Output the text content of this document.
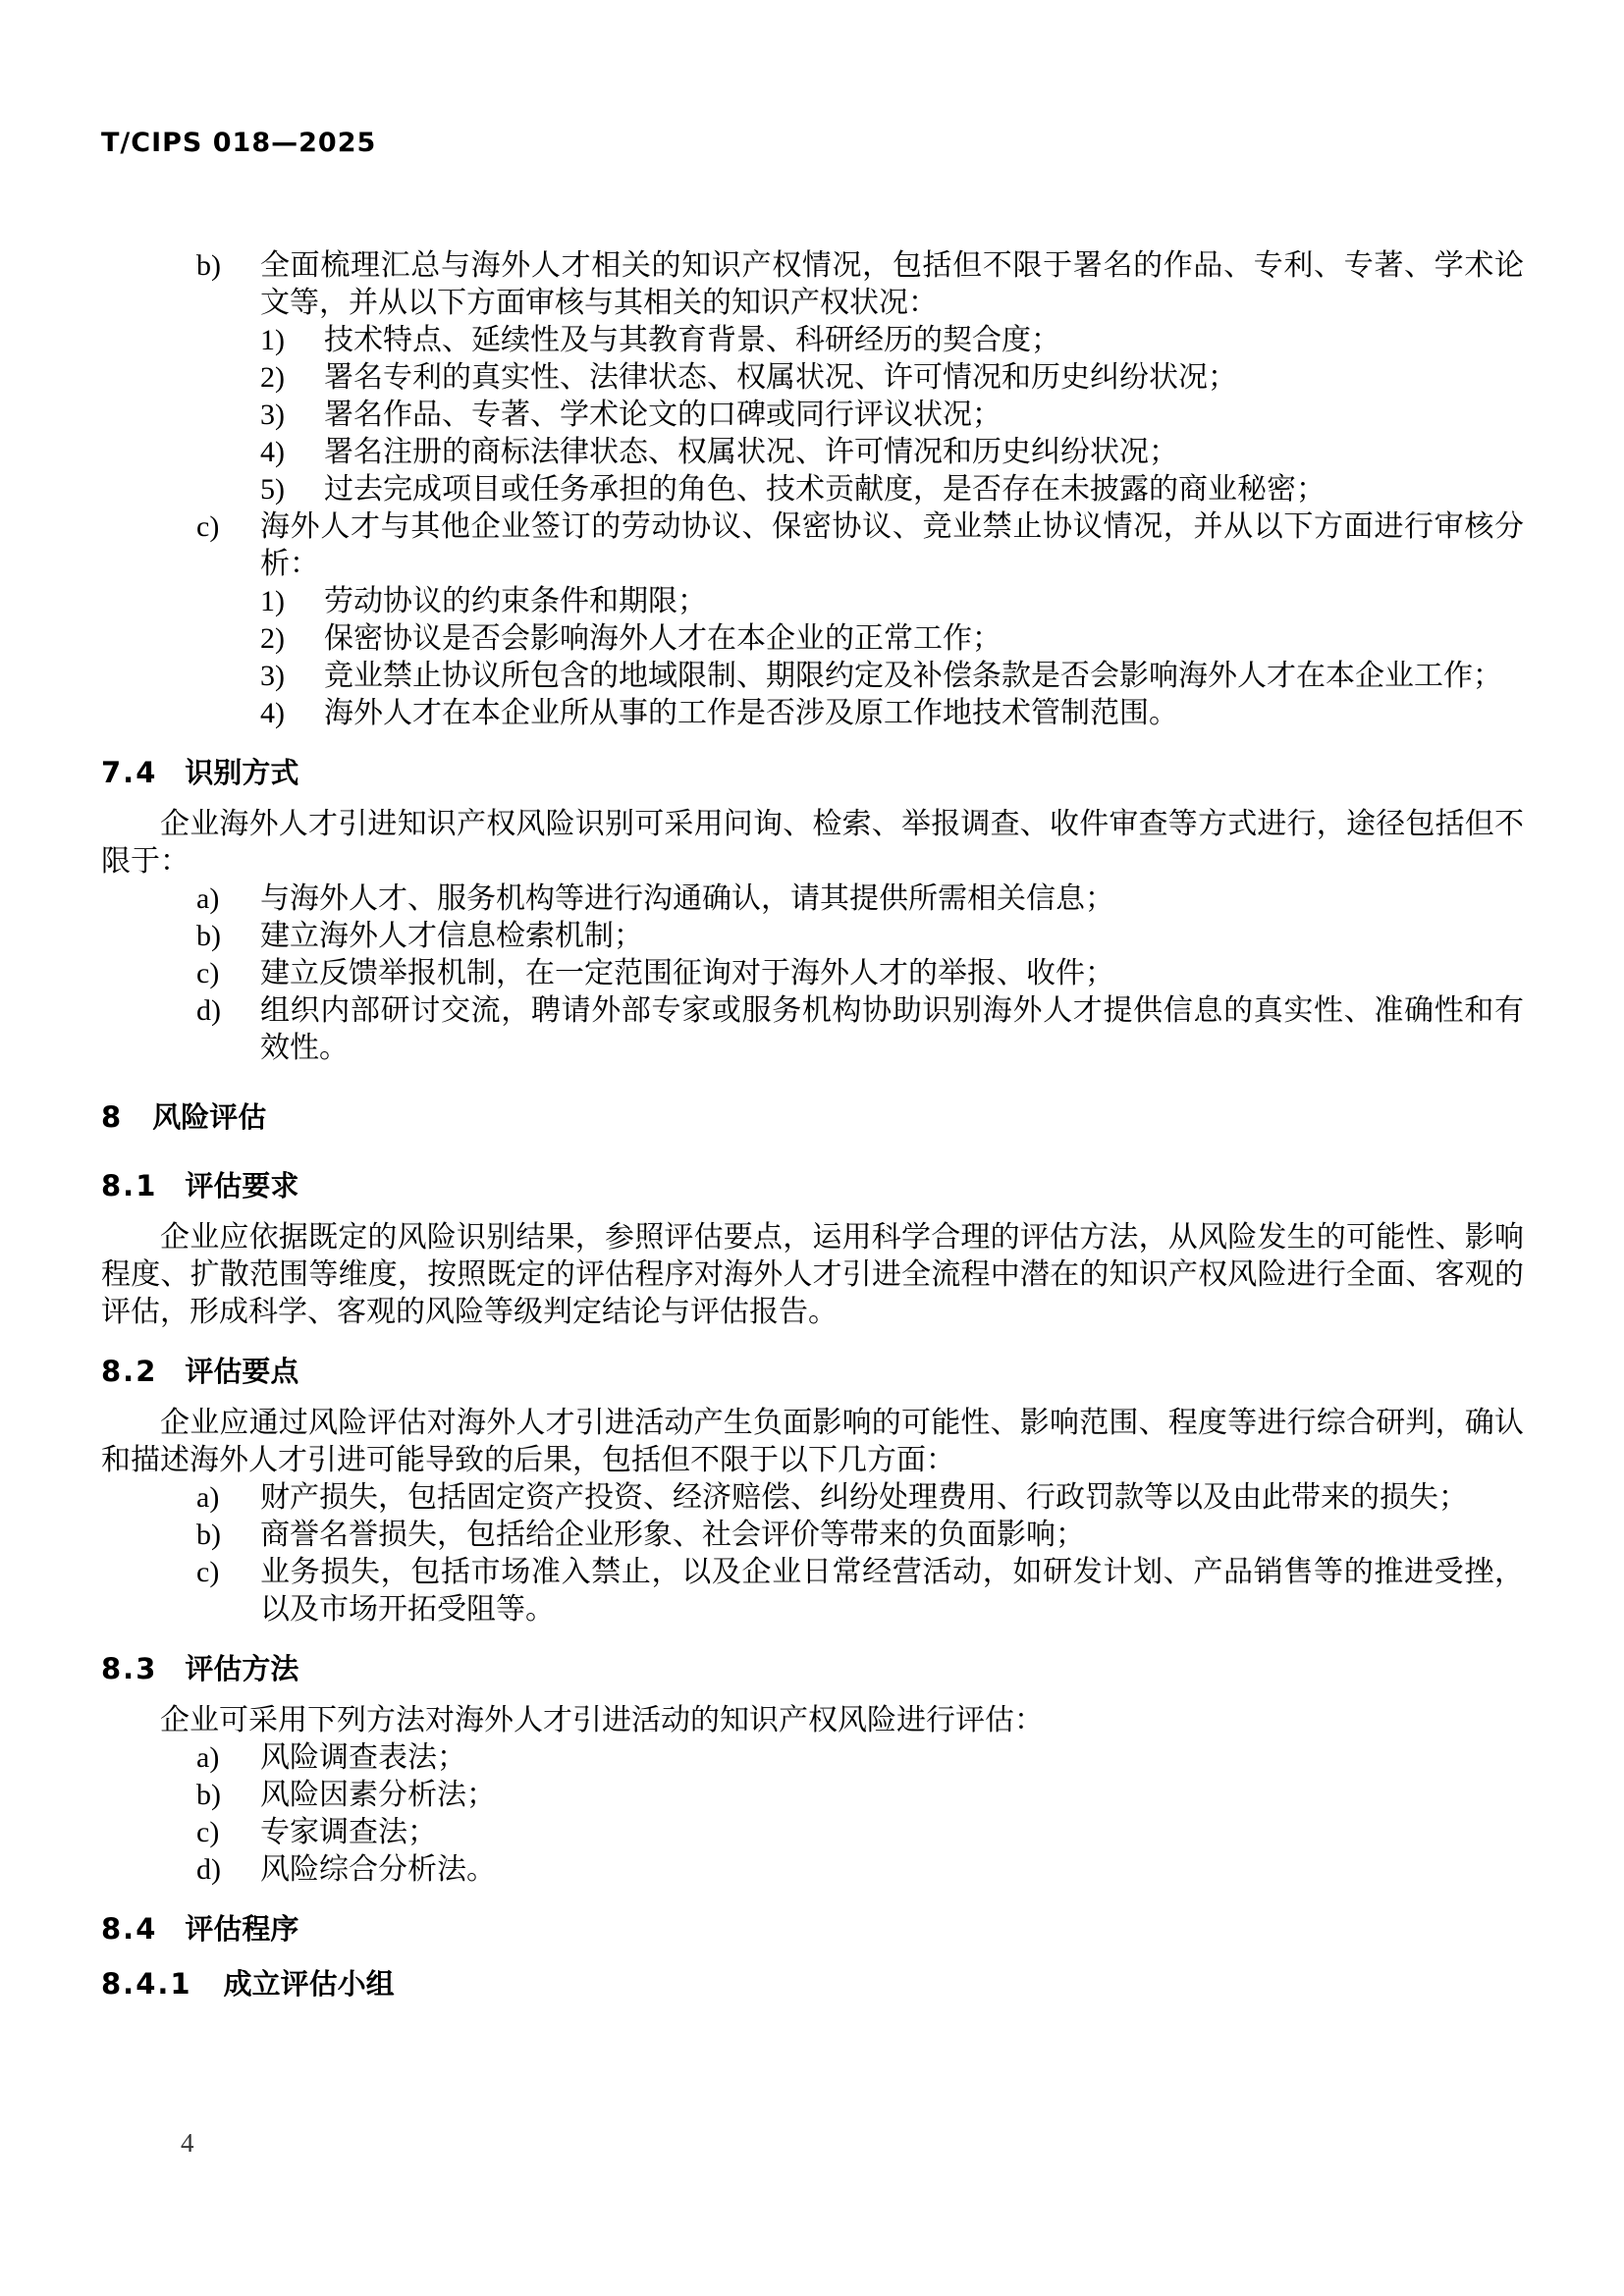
T/CIPS 018—2025
b) 全面梳理汇总与海外人才相关的知识产权情况，包括但不限于署名的作品、专利、专著、学术论文等，并从以下方面审核与其相关的知识产权状况：
1) 技术特点、延续性及与其教育背景、科研经历的契合度；
2) 署名专利的真实性、法律状态、权属状况、许可情况和历史纠纷状况；
3) 署名作品、专著、学术论文的口碑或同行评议状况；
4) 署名注册的商标法律状态、权属状况、许可情况和历史纠纷状况；
5) 过去完成项目或任务承担的角色、技术贡献度，是否存在未披露的商业秘密；
c) 海外人才与其他企业签订的劳动协议、保密协议、竞业禁止协议情况，并从以下方面进行审核分析：
1) 劳动协议的约束条件和期限；
2) 保密协议是否会影响海外人才在本企业的正常工作；
3) 竞业禁止协议所包含的地域限制、期限约定及补偿条款是否会影响海外人才在本企业工作；
4) 海外人才在本企业所从事的工作是否涉及原工作地技术管制范围。
7.4 识别方式
企业海外人才引进知识产权风险识别可采用问询、检索、举报调查、收件审查等方式进行，途径包括但不限于：
a) 与海外人才、服务机构等进行沟通确认，请其提供所需相关信息；
b) 建立海外人才信息检索机制；
c) 建立反馈举报机制，在一定范围征询对于海外人才的举报、收件；
d) 组织内部研讨交流，聘请外部专家或服务机构协助识别海外人才提供信息的真实性、准确性和有效性。
8 风险评估
8.1 评估要求
企业应依据既定的风险识别结果，参照评估要点，运用科学合理的评估方法，从风险发生的可能性、影响程度、扩散范围等维度，按照既定的评估程序对海外人才引进全流程中潜在的知识产权风险进行全面、客观的评估，形成科学、客观的风险等级判定结论与评估报告。
8.2 评估要点
企业应通过风险评估对海外人才引进活动产生负面影响的可能性、影响范围、程度等进行综合研判，确认和描述海外人才引进可能导致的后果，包括但不限于以下几方面：
a) 财产损失，包括固定资产投资、经济赔偿、纠纷处理费用、行政罚款等以及由此带来的损失；
b) 商誉名誉损失，包括给企业形象、社会评价等带来的负面影响；
c) 业务损失，包括市场准入禁止，以及企业日常经营活动，如研发计划、产品销售等的推进受挫，以及市场开拓受阻等。
8.3 评估方法
企业可采用下列方法对海外人才引进活动的知识产权风险进行评估：
a) 风险调查表法；
b) 风险因素分析法；
c) 专家调查法；
d) 风险综合分析法。
8.4 评估程序
8.4.1 成立评估小组
4
